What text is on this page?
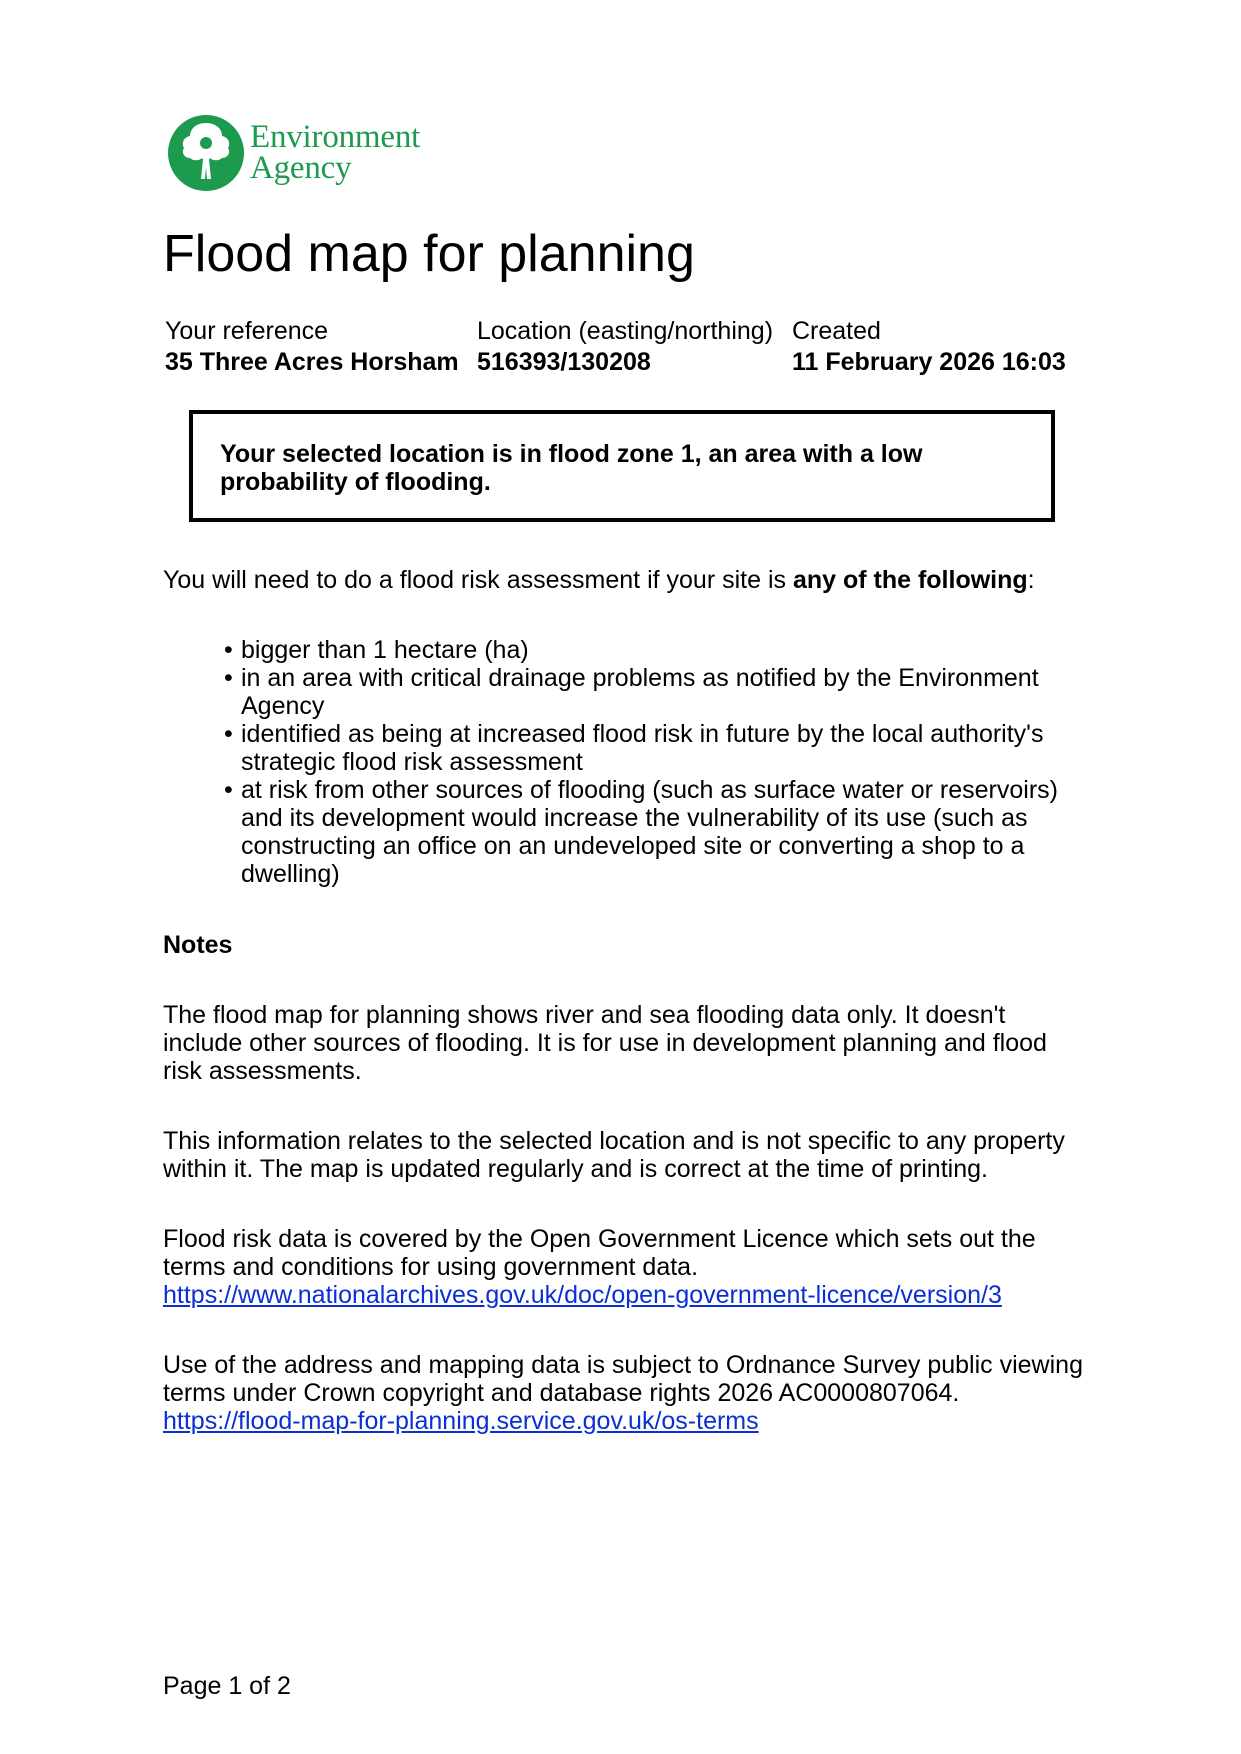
Environment
Agency
Flood map for planning
Your reference
35 Three Acres Horsham
Location (easting/northing)
516393/130208
Created
11 February 2026 16:03
Your selected location is in flood zone 1, an area with a low probability of flooding.
You will need to do a flood risk assessment if your site is any of the following:
• bigger than 1 hectare (ha)
• in an area with critical drainage problems as notified by the Environment Agency
• identified as being at increased flood risk in future by the local authority's strategic flood risk assessment
• at risk from other sources of flooding (such as surface water or reservoirs) and its development would increase the vulnerability of its use (such as constructing an office on an undeveloped site or converting a shop to a dwelling)
Notes

The flood map for planning shows river and sea flooding data only. It doesn't include other sources of flooding. It is for use in development planning and flood risk assessments.

This information relates to the selected location and is not specific to any property within it. The map is updated regularly and is correct at the time of printing.

Flood risk data is covered by the Open Government Licence which sets out the terms and conditions for using government data. https://www.nationalarchives.gov.uk/doc/open-government-licence/version/3

Use of the address and mapping data is subject to Ordnance Survey public viewing terms under Crown copyright and database rights 2026 AC0000807064. https://flood-map-for-planning.service.gov.uk/os-terms

Page 1 of 2
